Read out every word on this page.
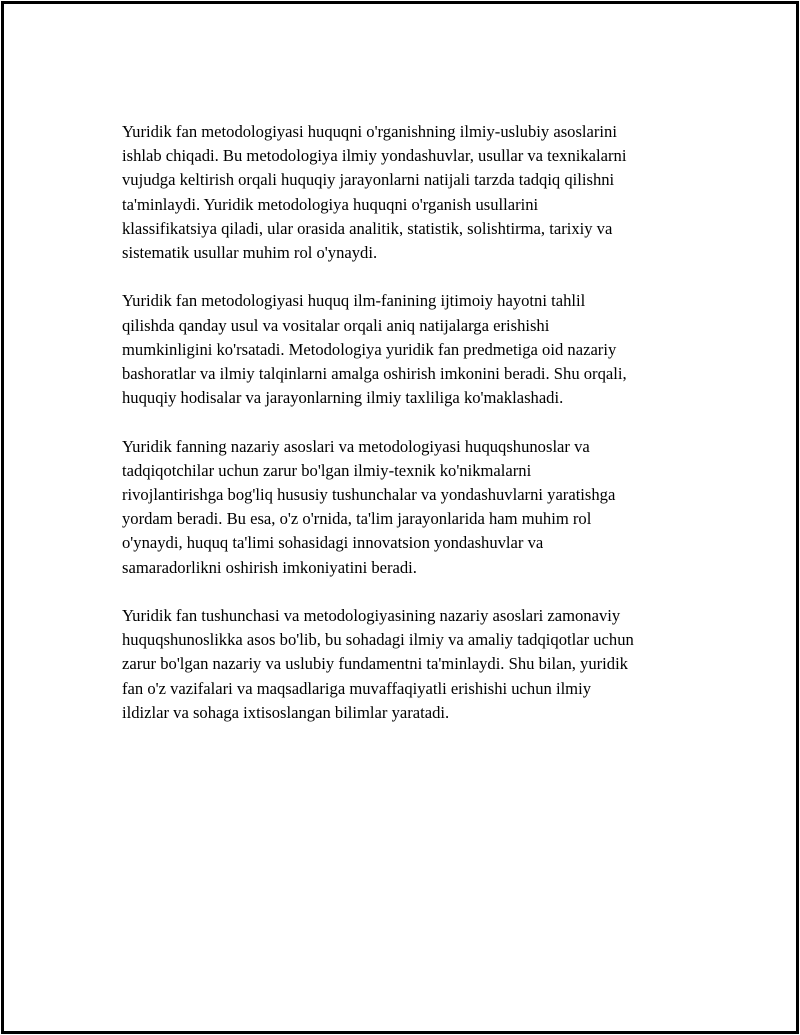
Yuridik fan metodologiyasi huquqni o'rganishning ilmiy-uslubiy asoslarini
ishlab chiqadi. Bu metodologiya ilmiy yondashuvlar, usullar va texnikalarni
vujudga keltirish orqali huquqiy jarayonlarni natijali tarzda tadqiq qilishni
ta'minlaydi. Yuridik metodologiya huquqni o'rganish usullarini
klassifikatsiya qiladi, ular orasida analitik, statistik, solishtirma, tarixiy va
sistematik usullar muhim rol o'ynaydi.

Yuridik fan metodologiyasi huquq ilm-fanining ijtimoiy hayotni tahlil
qilishda qanday usul va vositalar orqali aniq natijalarga erishishi
mumkinligini ko'rsatadi. Metodologiya yuridik fan predmetiga oid nazariy
bashoratlar va ilmiy talqinlarni amalga oshirish imkonini beradi. Shu orqali,
huquqiy hodisalar va jarayonlarning ilmiy taxliliga ko'maklashadi.

Yuridik fanning nazariy asoslari va metodologiyasi huquqshunoslar va
tadqiqotchilar uchun zarur bo'lgan ilmiy-texnik ko'nikmalarni
rivojlantirishga bog'liq hususiy tushunchalar va yondashuvlarni yaratishga
yordam beradi. Bu esa, o'z o'rnida, ta'lim jarayonlarida ham muhim rol
o'ynaydi, huquq ta'limi sohasidagi innovatsion yondashuvlar va
samaradorlikni oshirish imkoniyatini beradi.

Yuridik fan tushunchasi va metodologiyasining nazariy asoslari zamonaviy
huquqshunoslikka asos bo'lib, bu sohadagi ilmiy va amaliy tadqiqotlar uchun
zarur bo'lgan nazariy va uslubiy fundamentni ta'minlaydi. Shu bilan, yuridik
fan o'z vazifalari va maqsadlariga muvaffaqiyatli erishishi uchun ilmiy
ildizlar va sohaga ixtisoslangan bilimlar yaratadi.
